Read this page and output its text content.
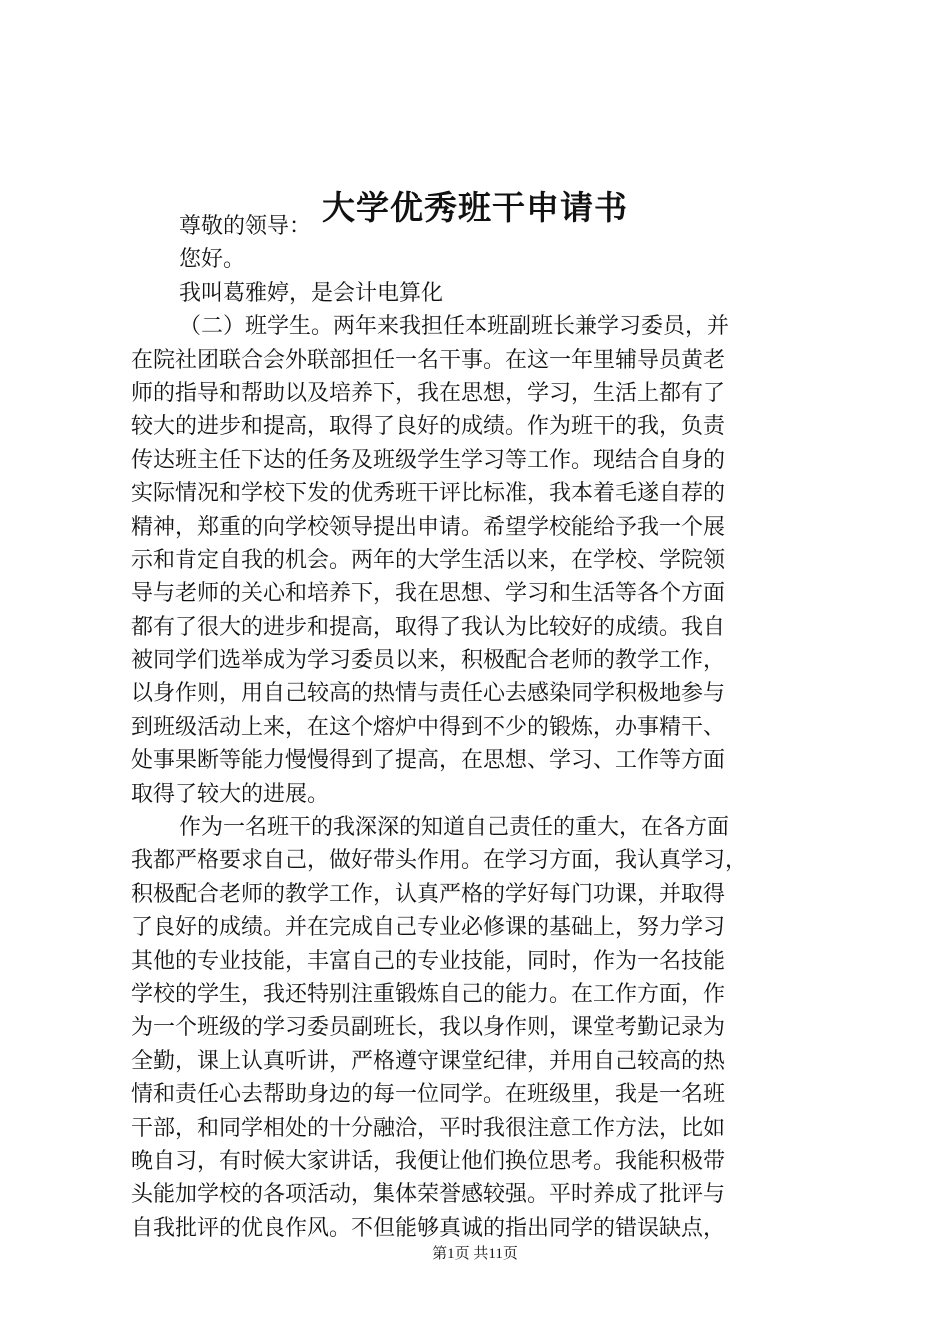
大学优秀班干申请书
尊敬的领导：
您好。
我叫葛雅婷，是会计电算化
（二）班学生。两年来我担任本班副班长兼学习委员，并
在院社团联合会外联部担任一名干事。在这一年里辅导员黄老
师的指导和帮助以及培养下，我在思想，学习，生活上都有了
较大的进步和提高，取得了良好的成绩。作为班干的我，负责
传达班主任下达的任务及班级学生学习等工作。现结合自身的
实际情况和学校下发的优秀班干评比标准，我本着毛遂自荐的
精神，郑重的向学校领导提出申请。希望学校能给予我一个展
示和肯定自我的机会。两年的大学生活以来，在学校、学院领
导与老师的关心和培养下，我在思想、学习和生活等各个方面
都有了很大的进步和提高，取得了我认为比较好的成绩。我自
被同学们选举成为学习委员以来，积极配合老师的教学工作，
以身作则，用自己较高的热情与责任心去感染同学积极地参与
到班级活动上来，在这个熔炉中得到不少的锻炼，办事精干、
处事果断等能力慢慢得到了提高，在思想、学习、工作等方面
取得了较大的进展。
作为一名班干的我深深的知道自己责任的重大，在各方面
我都严格要求自己，做好带头作用。在学习方面，我认真学习，
积极配合老师的教学工作，认真严格的学好每门功课，并取得
了良好的成绩。并在完成自己专业必修课的基础上，努力学习
其他的专业技能，丰富自己的专业技能，同时，作为一名技能
学校的学生，我还特别注重锻炼自己的能力。在工作方面，作
为一个班级的学习委员副班长，我以身作则，课堂考勤记录为
全勤，课上认真听讲，严格遵守课堂纪律，并用自己较高的热
情和责任心去帮助身边的每一位同学。在班级里，我是一名班
干部，和同学相处的十分融洽，平时我很注意工作方法，比如
晚自习，有时候大家讲话，我便让他们换位思考。我能积极带
头能加学校的各项活动，集体荣誉感较强。平时养成了批评与
自我批评的优良作风。不但能够真诚的指出同学的错误缺点，
第1页 共11页
